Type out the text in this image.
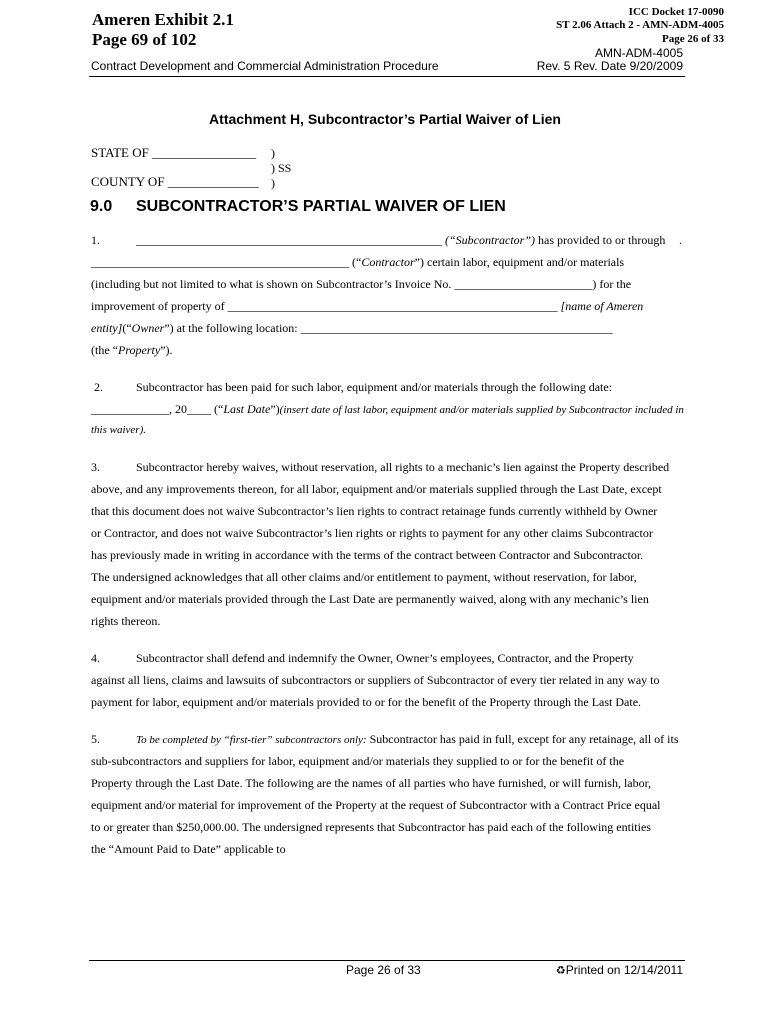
Ameren Exhibit 2.1
Page 69 of 102
ICC Docket 17-0090
ST 2.06 Attach 2 - AMN-ADM-4005
Page 26 of 33
Contract Development and Commercial Administration Procedure
AMN-ADM-4005
Rev. 5 Rev. Date 9/20/2009
Attachment H, Subcontractor’s Partial Waiver of Lien
STATE OF ________________ )
) SS
COUNTY OF ______________ )
9.0 SUBCONTRACTOR’S PARTIAL WAIVER OF LIEN
1.	___________________________________________________ (“Subcontractor”) has provided to or through .
___________________________________________ (“Contractor”) certain labor, equipment and/or materials
(including but not limited to what is shown on Subcontractor’s Invoice No. _______________________) for the
improvement of property of _______________________________________________________ [name of Ameren
entity](“Owner”) at the following location: ____________________________________________________
(the “Property”).
2.	Subcontractor has been paid for such labor, equipment and/or materials through the following date:
_____________, 20____ (“Last Date”)(insert date of last labor, equipment and/or materials supplied by Subcontractor included in
this waiver).
3.	Subcontractor hereby waives, without reservation, all rights to a mechanic’s lien against the Property described
above, and any improvements thereon, for all labor, equipment and/or materials supplied through the Last Date, except
that this document does not waive Subcontractor’s lien rights to contract retainage funds currently withheld by Owner
or Contractor, and does not waive Subcontractor’s lien rights or rights to payment for any other claims Subcontractor
has previously made in writing in accordance with the terms of the contract between Contractor and Subcontractor.
The undersigned acknowledges that all other claims and/or entitlement to payment, without reservation, for labor,
equipment and/or materials provided through the Last Date are permanently waived, along with any mechanic’s lien
rights thereon.
4.	Subcontractor shall defend and indemnify the Owner, Owner’s employees, Contractor, and the Property
against all liens, claims and lawsuits of subcontractors or suppliers of Subcontractor of every tier related in any way to
payment for labor, equipment and/or materials provided to or for the benefit of the Property through the Last Date.
5.	To be completed by “first-tier” subcontractors only: Subcontractor has paid in full, except for any retainage, all of its
sub-subcontractors and suppliers for labor, equipment and/or materials they supplied to or for the benefit of the
Property through the Last Date. The following are the names of all parties who have furnished, or will furnish, labor,
equipment and/or material for improvement of the Property at the request of Subcontractor with a Contract Price equal
to or greater than $250,000.00. The undersigned represents that Subcontractor has paid each of the following entities
the “Amount Paid to Date” applicable to
Page 26 of 33	♻Printed on 12/14/2011
